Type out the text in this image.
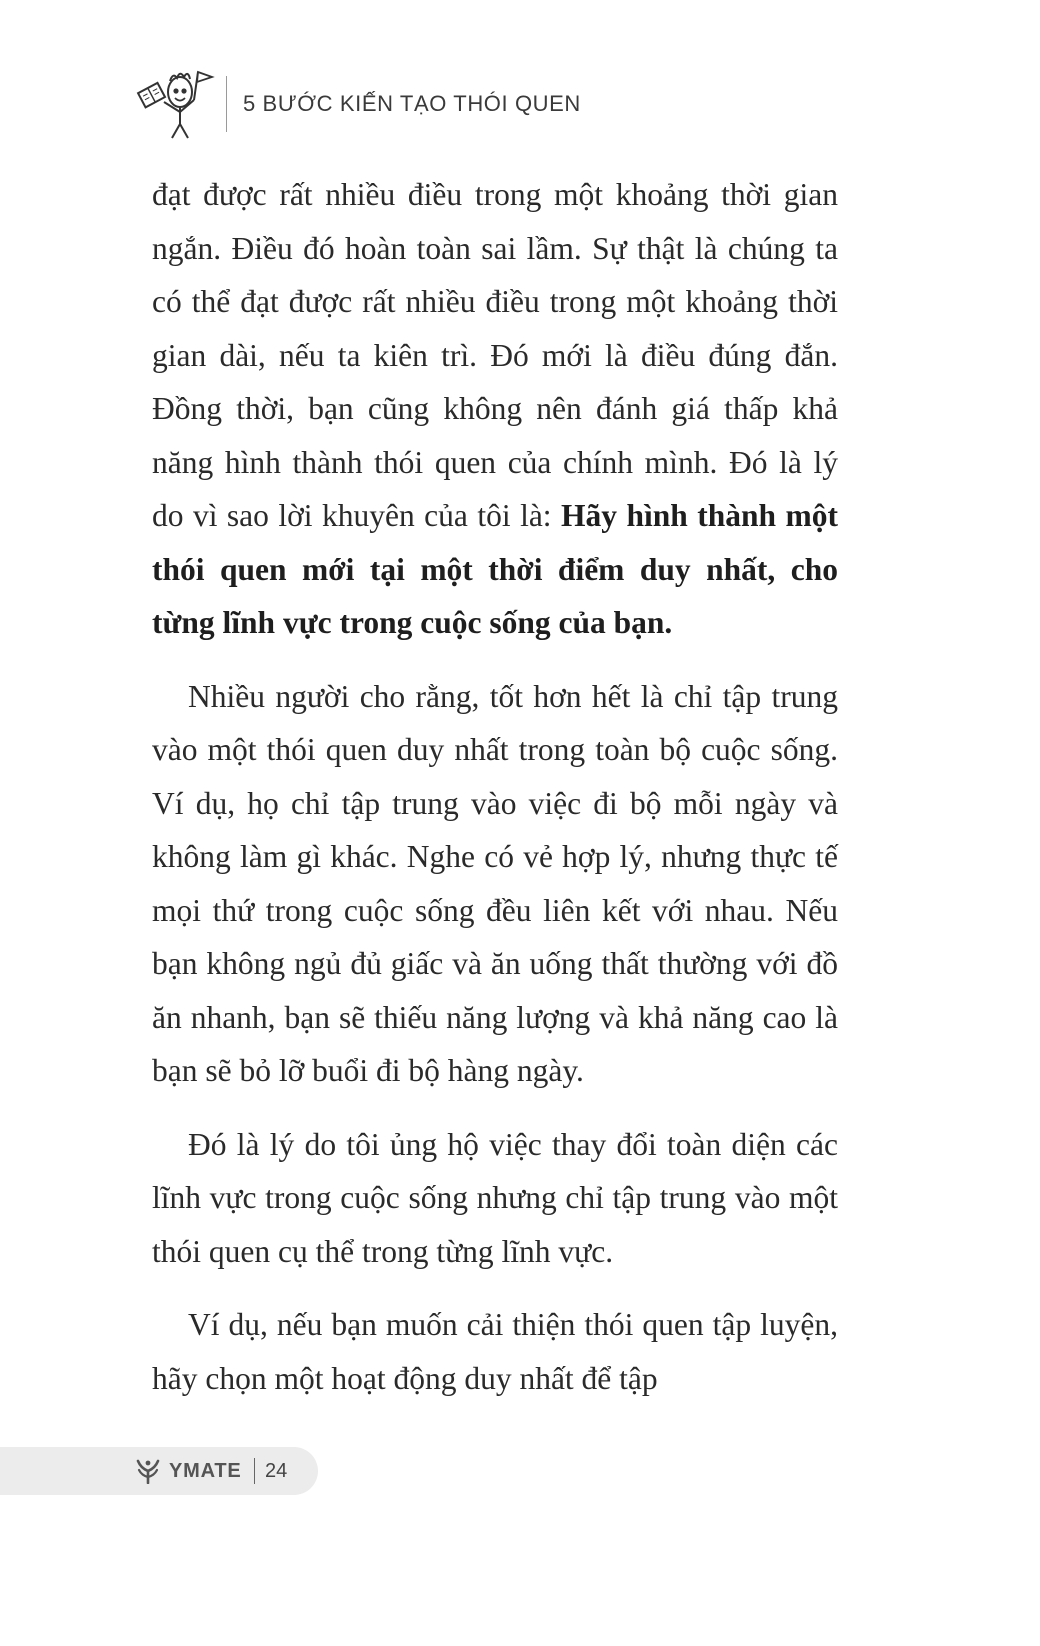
5 BƯỚC KIẾN TẠO THÓI QUEN

đạt được rất nhiều điều trong một khoảng thời gian ngắn. Điều đó hoàn toàn sai lầm. Sự thật là chúng ta có thể đạt được rất nhiều điều trong một khoảng thời gian dài, nếu ta kiên trì. Đó mới là điều đúng đắn. Đồng thời, bạn cũng không nên đánh giá thấp khả năng hình thành thói quen của chính mình. Đó là lý do vì sao lời khuyên của tôi là: Hãy hình thành một thói quen mới tại một thời điểm duy nhất, cho từng lĩnh vực trong cuộc sống của bạn.

Nhiều người cho rằng, tốt hơn hết là chỉ tập trung vào một thói quen duy nhất trong toàn bộ cuộc sống. Ví dụ, họ chỉ tập trung vào việc đi bộ mỗi ngày và không làm gì khác. Nghe có vẻ hợp lý, nhưng thực tế mọi thứ trong cuộc sống đều liên kết với nhau. Nếu bạn không ngủ đủ giấc và ăn uống thất thường với đồ ăn nhanh, bạn sẽ thiếu năng lượng và khả năng cao là bạn sẽ bỏ lỡ buổi đi bộ hàng ngày.

Đó là lý do tôi ủng hộ việc thay đổi toàn diện các lĩnh vực trong cuộc sống nhưng chỉ tập trung vào một thói quen cụ thể trong từng lĩnh vực.

Ví dụ, nếu bạn muốn cải thiện thói quen tập luyện, hãy chọn một hoạt động duy nhất để tập

YMATE 24
